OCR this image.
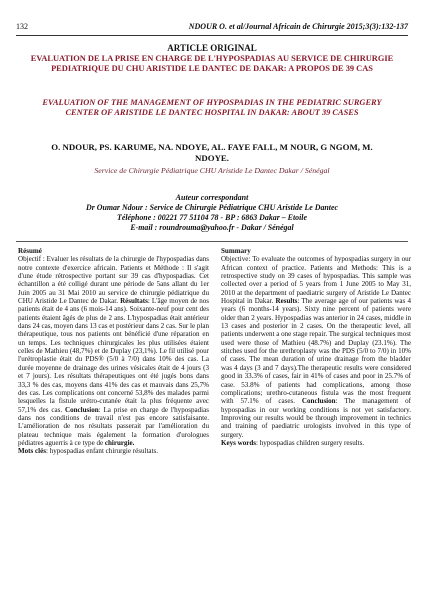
132	NDOUR O. et al/Journal Africain de Chirurgie 2015;3(3):132-137
ARTICLE ORIGINAL
EVALUATION DE LA PRISE EN CHARGE DE L'HYPOSPADIAS AU SERVICE DE CHIRURGIE PEDIATRIQUE DU CHU ARISTIDE LE DANTEC DE DAKAR: A PROPOS DE 39 CAS
EVALUATION OF THE MANAGEMENT OF HYPOSPADIAS IN THE PEDIATRIC SURGERY CENTER OF ARISTIDE LE DANTEC HOSPITAL IN DAKAR: ABOUT 39 CASES
O. NDOUR, PS. KARUME, NA. NDOYE, AL. FAYE FALL, M NOUR, G NGOM, M. NDOYE.
Service de Chirurgie Pédiatrique CHU Aristide Le Dantec Dakar / Sénégal
Auteur correspondant
Dr Oumar Ndour : Service de Chirurgie Pédiatrique CHU Aristide Le Dantec
Téléphone : 00221 77 51104 78 - BP : 6863 Dakar – Etoile
E-mail : roundrouma@yahoo.fr - Dakar / Sénégal
Résumé

Objectif : Evaluer les résultats de la chirurgie de l'hypospadias dans notre contexte d'exercice africain. Patients et Méthode : Il s'agit d'une étude rétrospective portant sur 39 cas d'hypospadias. Cet échantillon a été colligé durant une période de 5ans allant du 1er Juin 2005 au 31 Mai 2010 au service de chirurgie pédiatrique du CHU Aristide Le Dantec de Dakar. Résultats: L'âge moyen de nos patients était de 4 ans (6 mois-14 ans). Soixante-neuf pour cent des patients étaient âgés de plus de 2 ans. L'hypospadias était antérieur dans 24 cas, moyen dans 13 cas et postérieur dans 2 cas. Sur le plan thérapeutique, tous nos patients ont bénéficié d'une réparation en un temps. Les techniques chirurgicales les plus utilisées étaient celles de Mathieu (48,7%) et de Duplay (23,1%). Le fil utilisé pour l'urétroplastie était du PDS® (5/0 à 7/0) dans 10% des cas. La durée moyenne de drainage des urines vésicales était de 4 jours (3 et 7 jours). Les résultats thérapeutiques ont été jugés bons dans 33,3 % des cas, moyens dans 41% des cas et mauvais dans 25,7% des cas. Les complications ont concerné 53,8% des malades parmi lesquelles la fistule urétro-cutanée était la plus fréquente avec 57,1% des cas. Conclusion: La prise en charge de l'hypospadias dans nos conditions de travail n'est pas encore satisfaisante. L'amélioration de nos résultats passerait par l'amélioration du plateau technique mais également la formation d'urologues pédiatres aguerris à ce type de chirurgie.

Mots clés: hypospadias enfant chirurgie résultats.

Summary

Objective: To evaluate the outcomes of hypospadias surgery in our African context of practice. Patients and Methods: This is a retrospective study on 39 cases of hypospadias. This sample was collected over a period of 5 years from 1 June 2005 to May 31, 2010 at the department of paediatric surgery of Aristide Le Dantec Hospital in Dakar. Results: The average age of our patients was 4 years (6 months-14 years). Sixty nine percent of patients were older than 2 years. Hypospadias was anterior in 24 cases, middle in 13 cases and posterior in 2 cases. On the therapeutic level, all patients underwent a one stage repair. The surgical techniques most used were those of Mathieu (48.7%) and Duplay (23.1%). The stitches used for the urethroplasty was the PDS (5/0 to 7/0) in 10% of cases. The mean duration of urine drainage from the bladder was 4 days (3 and 7 days).The therapeutic results were considered good in 33.3% of cases, fair in 41% of cases and poor in 25.7% of case. 53.8% of patients had complications, among those complications; urethro-cutaneous fistula was the most frequent with 57.1% of cases. Conclusion: The management of hypospadias in our working conditions is not yet satisfactory. Improving our results would be through improvement in technics and training of paediatric urologists involved in this type of surgery.

Keys words: hypospadias children surgery results.
